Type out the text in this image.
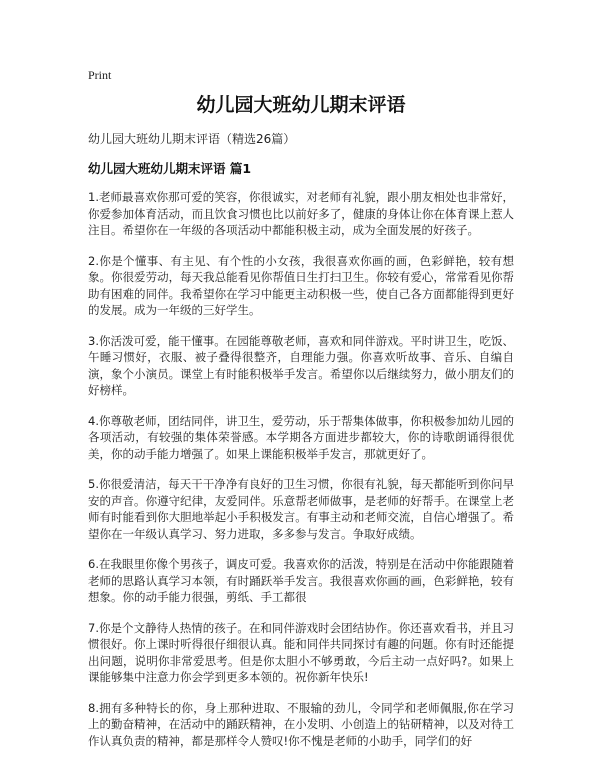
Print
幼儿园大班幼儿期末评语
幼儿园大班幼儿期末评语（精选26篇）
幼儿园大班幼儿期末评语 篇1

1.老师最喜欢你那可爱的笑容，你很诚实，对老师有礼貌，跟小朋友相处也非常好，你爱参加体育活动，而且饮食习惯也比以前好多了，健康的身体让你在体育课上惹人注目。希望你在一年级的各项活动中都能积极主动，成为全面发展的好孩子。

2.你是个懂事、有主见、有个性的小女孩，我很喜欢你画的画，色彩鲜艳，较有想象。你很爱劳动，每天我总能看见你帮值日生打扫卫生。你较有爱心，常常看见你帮助有困难的同伴。我希望你在学习中能更主动积极一些，使自己各方面都能得到更好的发展。成为一年级的三好学生。

3.你活泼可爱，能干懂事。在园能尊敬老师，喜欢和同伴游戏。平时讲卫生，吃饭、午睡习惯好，衣服、被子叠得很整齐，自理能力强。你喜欢听故事、音乐、自编自演，象个小演员。课堂上有时能积极举手发言。希望你以后继续努力，做小朋友们的好榜样。

4.你尊敬老师，团结同伴，讲卫生，爱劳动，乐于帮集体做事，你积极参加幼儿园的各项活动，有较强的集体荣誉感。本学期各方面进步都较大，你的诗歌朗诵得很优美，你的动手能力增强了。如果上课能积极举手发言，那就更好了。

5.你很爱清洁，每天干干净净有良好的卫生习惯，你很有礼貌，每天都能听到你问早安的声音。你遵守纪律，友爱同伴。乐意帮老师做事，是老师的好帮手。在课堂上老师有时能看到你大胆地举起小手积极发言。有事主动和老师交流，自信心增强了。希望你在一年级认真学习、努力进取，多多参与发言。争取好成绩。

6.在我眼里你像个男孩子，调皮可爱。我喜欢你的活泼，特别是在活动中你能跟随着老师的思路认真学习本领，有时踊跃举手发言。我很喜欢你画的画，色彩鲜艳，较有想象。你的动手能力很强，剪纸、手工都很

7.你是个文静待人热情的孩子。在和同伴游戏时会团结协作。你还喜欢看书，并且习惯很好。你上课时听得很仔细很认真。能和同伴共同探讨有趣的问题。你有时还能提出问题，说明你非常爱思考。但是你太胆小不够勇敢，今后主动一点好吗?。如果上课能够集中注意力你会学到更多本领的。祝你新年快乐!

8.拥有多种特长的你，身上那种进取、不服输的劲儿，令同学和老师佩服,你在学习上的勤奋精神，在活动中的踊跃精神，在小发明、小创造上的钻研精神，以及对待工作认真负责的精神，都是那样令人赞叹!你不愧是老师的小助手，同学们的好
